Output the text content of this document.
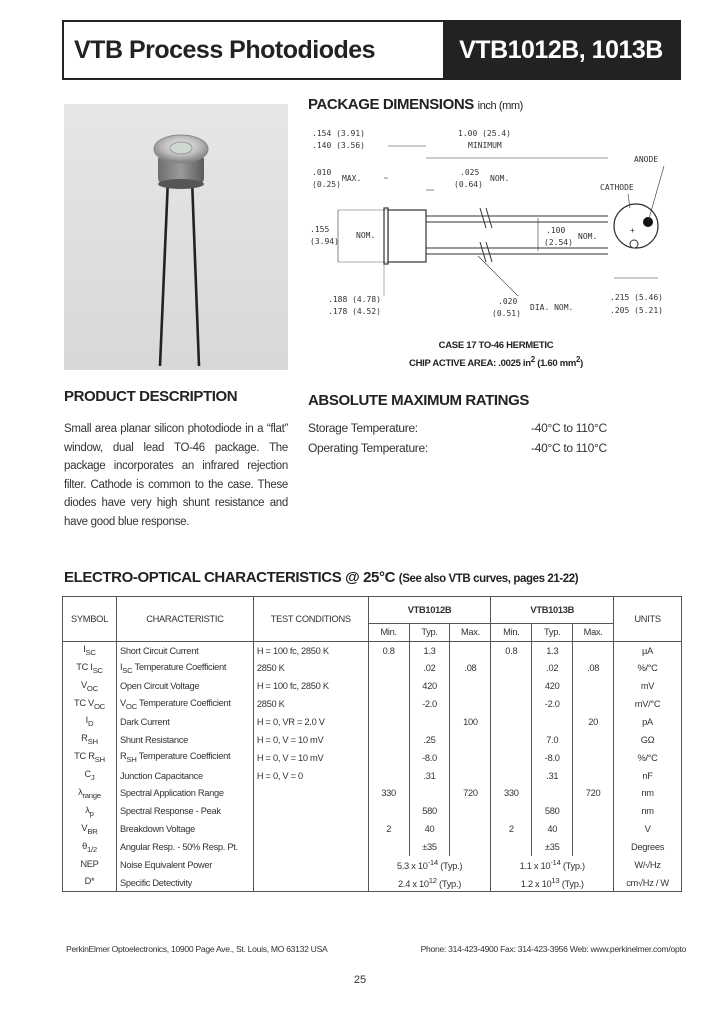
VTB Process Photodiodes	VTB1012B, 1013B
PACKAGE DIMENSIONS inch (mm)
.154 (3.91)
.140 (3.56)
1.00 (25.4)
MINIMUM
.010
(0.25)
MAX.
.025
(0.64)
NOM.
.155
(3.94)
NOM.
.100
(2.54)
NOM.
.188 (4.78)
.178 (4.52)
.020
(0.51)
DIA. NOM.
.215 (5.46)
.205 (5.21)
ANODE
CATHODE
+
CASE 17 TO-46 HERMETIC
CHIP ACTIVE AREA: .0025 $in^2$ (1.60 $mm^2$)
PRODUCT DESCRIPTION
Small area planar silicon photodiode in a “flat” window, dual lead TO-46 package. The package incorporates an infrared rejection filter. Cathode is common to the case. These diodes have very high shunt resistance and have good blue response.
ABSOLUTE MAXIMUM RATINGS
Storage Temperature:	-40°C to 110°C
Operating Temperature:	-40°C to 110°C
ELECTRO-OPTICAL CHARACTERISTICS @ 25°C (See also VTB curves, pages 21-22)
SYMBOL	CHARACTERISTIC	TEST CONDITIONS	VTB1012B			VTB1013B			UNITS
			Min.	Typ.	Max.	Min.	Typ.	Max.	
$I_{SC}$	Short Circuit Current	H = 100 fc, 2850 K	0.8	1.3		0.8	1.3		µA
TC $I_{SC}$	$I_{SC}$ Temperature Coefficient	2850 K		.02	.08		.02	.08	%/°C
$V_{OC}$	Open Circuit Voltage	H = 100 fc, 2850 K		420			420		mV
TC $V_{OC}$	$V_{OC}$ Temperature Coefficient	2850 K		-2.0			-2.0		mV/°C
$I_D$	Dark Current	H = 0, VR = 2.0 V			100			20	pA
$R_{SH}$	Shunt Resistance	H = 0, V = 10 mV		.25			7.0		GΩ
TC $R_{SH}$	$R_{SH}$ Temperature Coefficient	H = 0, V = 10 mV		-8.0			-8.0		%/°C
$C_J$	Junction Capacitance	H = 0, V = 0		.31			.31		nF
$\lambda_{range}$	Spectral Application Range		330		720	330		720	nm
$\lambda_p$	Spectral Response - Peak			580			580		nm
$V_{BR}$	Breakdown Voltage		2	40		2	40		V
$\theta_{1/2}$	Angular Resp. - 50% Resp. Pt.			±35			±35		Degrees
NEP	Noise Equivalent Power		5.3 x $10^{-14}$ (Typ.)			1.1 x $10^{-14}$ (Typ.)			W/√Hz
D*	Specific Detectivity		2.4 x $10^{12}$ (Typ.)			1.2 x $10^{13}$ (Typ.)			cm√Hz / W
PerkinElmer Optoelectronics, 10900 Page Ave., St. Louis, MO 63132 USA	Phone: 314-423-4900 Fax: 314-423-3956 Web: www.perkinelmer.com/opto
25
